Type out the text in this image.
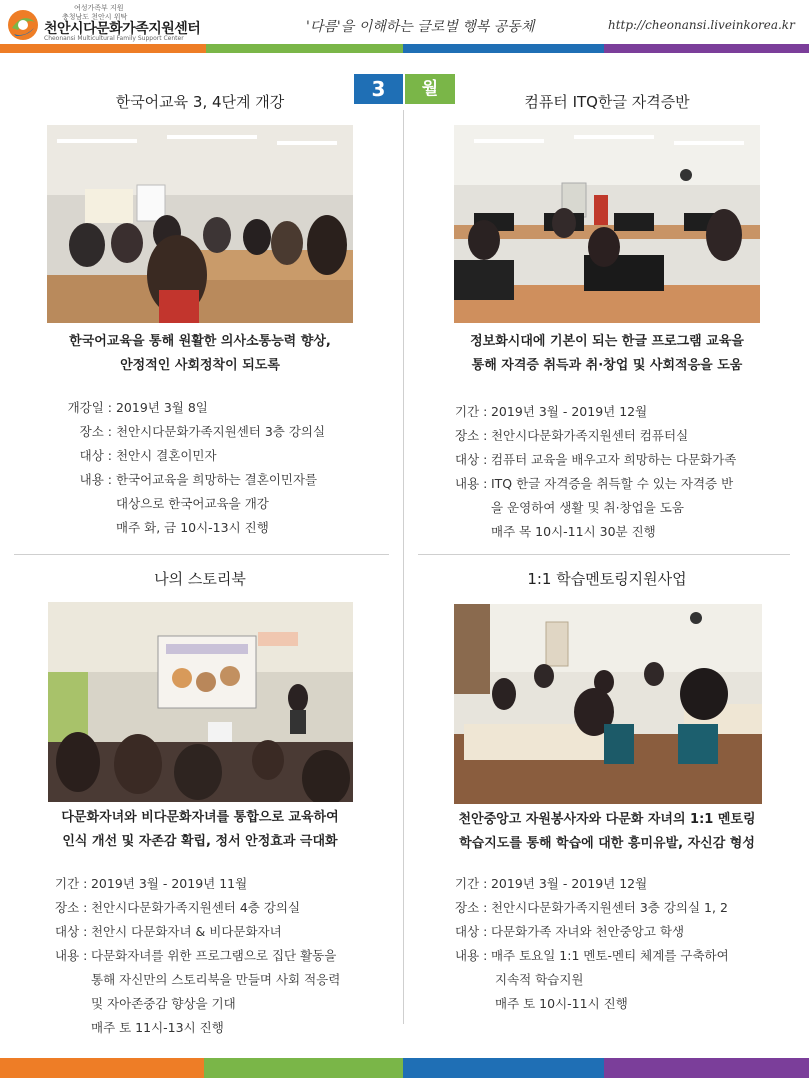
여성가족부 지원
충청남도 천안시 위탁
천안시다문화가족지원센터
Cheonansi Multicultural Family Support Center
'다름'을 이해하는 글로벌 행복 공동체	http://cheonansi.liveinkorea.kr
3	월
한국어교육 3, 4단계 개강
한국어교육을 통해 원활한 의사소통능력 향상,
안정적인 사회정착이 되도록
개강일 : 2019년 3월 8일
장소 : 천안시다문화가족지원센터 3층 강의실
대상 : 천안시 결혼이민자
내용 : 한국어교육을 희망하는 결혼이민자를
대상으로 한국어교육을 개강
매주 화, 금 10시-13시 진행
컴퓨터 ITQ한글 자격증반
정보화시대에 기본이 되는 한글 프로그램 교육을
통해 자격증 취득과 취·창업 및 사회적응을 도움
기간 : 2019년 3월 - 2019년 12월
장소 : 천안시다문화가족지원센터 컴퓨터실
대상 : 컴퓨터 교육을 배우고자 희망하는 다문화가족
내용 : ITQ 한글 자격증을 취득할 수 있는 자격증 반
을 운영하여 생활 및 취·창업을 도움
매주 목 10시-11시 30분 진행
나의 스토리북
다문화자녀와 비다문화자녀를 통합으로 교육하여
인식 개선 및 자존감 확립, 정서 안정효과 극대화
기간 : 2019년 3월 - 2019년 11월
장소 : 천안시다문화가족지원센터 4층 강의실
대상 : 천안시 다문화자녀 & 비다문화자녀
내용 : 다문화자녀를 위한 프로그램으로 집단 활동을
통해 자신만의 스토리북을 만들며 사회 적응력
및 자아존중감 향상을 기대
매주 토 11시-13시 진행
1:1 학습멘토링지원사업
천안중앙고 자원봉사자와 다문화 자녀의 1:1 멘토링
학습지도를 통해 학습에 대한 흥미유발, 자신감 형성
기간 : 2019년 3월 - 2019년 12월
장소 : 천안시다문화가족지원센터 3층 강의실 1, 2
대상 : 다문화가족 자녀와 천안중앙고 학생
내용 : 매주 토요일 1:1 멘토-멘티 체계를 구축하여
지속적 학습지원
매주 토 10시-11시 진행
